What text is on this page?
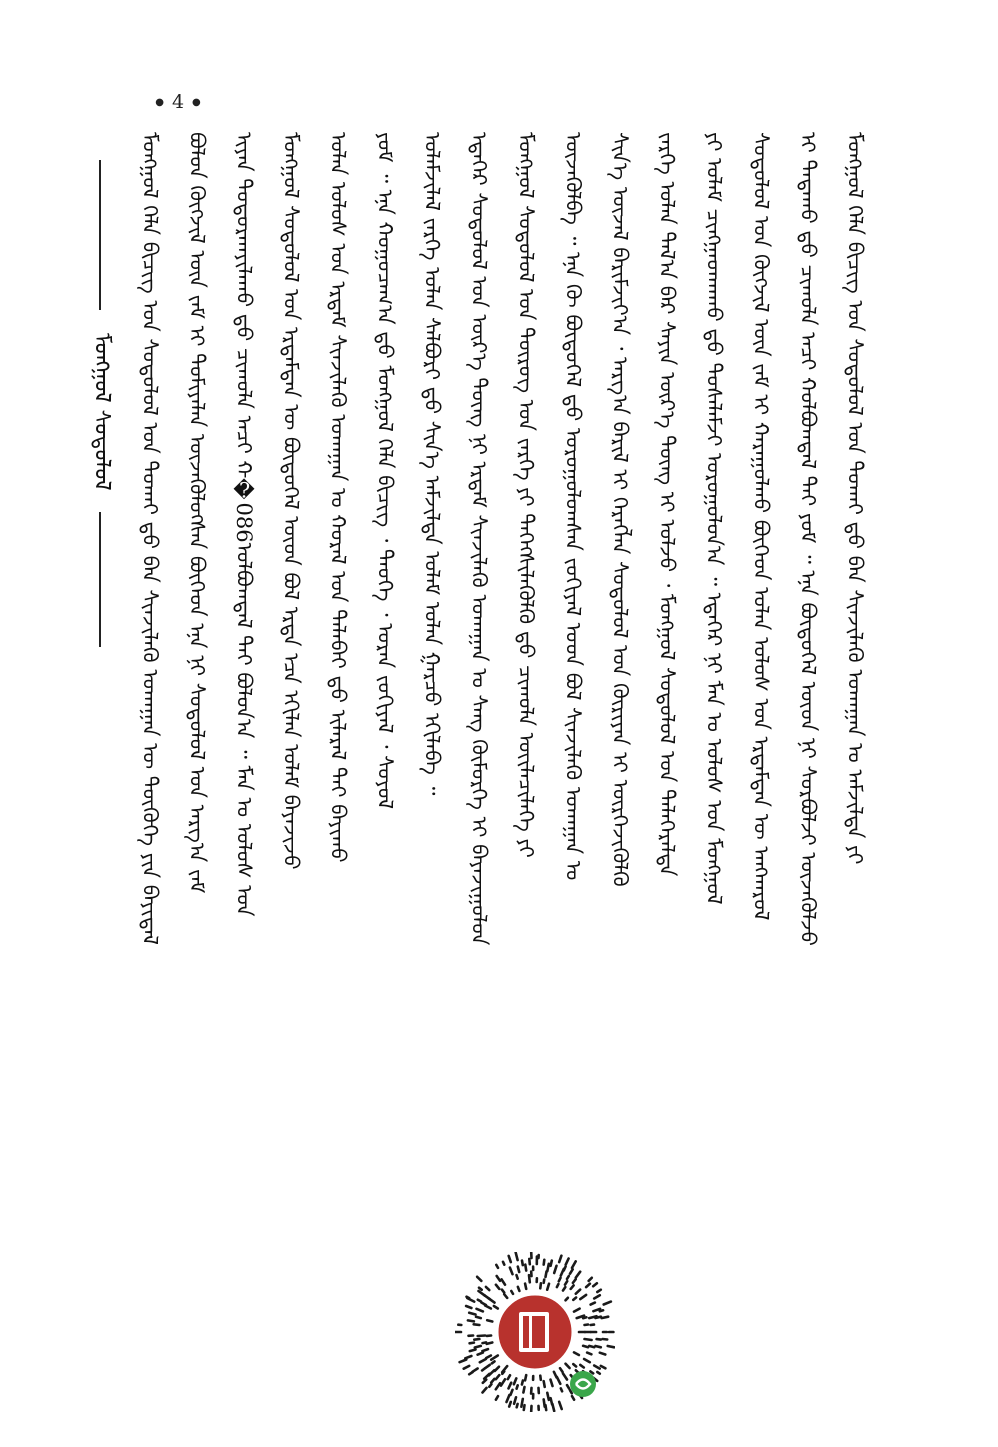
● 4 ●
ᠮᠣᠩᠭᠣᠯ ᠰᠤᠳᠤᠯᠤᠯ	ᠮᠣᠩᠭᠣᠯ ᠬᠡᠯᠡ ᠪᠢᠴᠢᠭ ᠤᠨ ᠰᠤᠳᠤᠯᠤᠯ ᠤᠨ ᠲᠤᠬᠠᠢ ᠳ᠋ᠤ ᠪᠠᠨ ᠰᠢᠨᠵᠢᠯᠡᠬᠦ ᠤᠬᠠᠭᠠᠨ ᠦ ᠲᠦᠭᠦᠬᠡ ᠶᠢᠨ ᠪᠠᠶᠢᠳᠠᠯ	ᠪᠣᠯᠤᠨ ᠬᠥᠭᠵᠢᠯ ᠦᠨ ᠵᠠᠮ ᠢ ᠲᠣᠮᠢᠶᠠᠯᠠᠨ ᠦᠵᠡᠭᠦᠯᠦᠭᠰᠡᠨ ᠪᠥᠭᠡᠳ ᠡᠨᠡ ᠨᠢ ᠰᠤᠳᠤᠯᠤᠯ ᠤᠨ ᠠᠷᠭ᠎ᠠ ᠵᠠᠮ	ᠢᠶᠠᠨ ᠲᠣᠳᠤᠷᠬᠠᠶᠢᠯᠠᠬᠤ ᠳ᠋ᠤ ᠴᠢᠬᠤᠯᠠ ᠠᠴᠢ ᠬ�086ᠣᠯᠪᠣᠭᠳᠠᠯ ᠲᠠᠶ ᠪᠣᠯᠤᠨ᠎ᠠ ᠃ ᠮᠠᠨ ᠤ ᠤᠯᠤᠰ ᠤᠨ	ᠮᠣᠩᠭᠣᠯ ᠰᠤᠳᠤᠯᠤᠯ ᠤᠨ ᠡᠷᠳᠡᠮᠲᠡᠨ ᠦ ᠪᠦᠲᠦᠭᠡᠯ ᠦᠳ ᠪᠣᠯ ᠡᠷᠲᠡ ᠡᠴᠡ ᠡᠬᠢᠯᠡᠨ ᠤᠯᠠᠮ ᠪᠠᠶᠠᠵᠢᠵᠤ	ᠣᠯᠠᠨ ᠤᠯᠤᠰ ᠤᠨ ᠡᠷᠳᠡᠮ ᠰᠢᠨᠵᠢᠯᠡᠬᠦ ᠤᠬᠠᠭᠠᠨ ᠤ ᠬᠤᠷᠠᠯ ᠤᠨ ᠲᠠᠯᠠᠪᠠᠶ ᠳ᠋ᠤ ᠢᠯᠡᠷᠡᠯ ᠲᠠᠶ ᠪᠠᠶᠢᠬᠤ	ᠶᠤᠮ ᠃ ᠡᠨᠡ ᠬᠤᠭᠤᠴᠠᠭ᠎ᠠ ᠳ᠋ᠤ ᠮᠣᠩᠭᠣᠯ ᠬᠡᠯᠡ ᠪᠢᠴᠢᠭ ᠂ ᠲᠡᠦᠬᠡ ᠂ ᠤᠷᠠᠨ ᠵᠣᠬᠢᠶᠠᠯ ᠂ ᠰᠣᠶᠣᠯ	ᠤᠯᠠᠮᠵᠢᠯᠠᠯ ᠵᠡᠷᠭᠡ ᠣᠯᠠᠨ ᠰᠠᠯᠪᠤᠷᠢ ᠳ᠋ᠤ ᠰᠢᠨ᠎ᠡ ᠠᠮᠵᠢᠯᠲᠠ ᠤᠯᠠᠮ ᠣᠯᠠᠨ ᠭᠠᠷᠴᠤ ᠡᠬᠢᠯᠡᠪᠡ ᠃	ᠡᠳᠡᠭᠡᠷ ᠰᠤᠳᠤᠯᠤᠯ ᠤᠨ ᠦᠷ᠎ᠡ ᠳᠦᠩ ᠨᠢ ᠡᠷᠳᠡᠮ ᠰᠢᠨᠵᠢᠯᠡᠬᠦ ᠤᠬᠠᠭᠠᠨ ᠤ ᠰᠠᠩ ᠬᠥᠮᠥᠷᠭᠡ ᠢ ᠪᠠᠶᠠᠵᠢᠭᠤᠯᠤᠨ	ᠮᠣᠩᠭᠣᠯ ᠰᠤᠳᠤᠯᠤᠯ ᠤᠨ ᠲᠦᠷᠦᠭ ᠤᠨ ᠵᠡᠷᠭᠡ ᠶᠢ ᠳᠡᠭᠡᠭᠰᠢᠯᠡᠭᠦᠯᠬᠦ ᠳ᠋ᠤ ᠴᠢᠬᠤᠯᠠ ᠦᠢᠯᠡᠴᠢᠯᠡᠭᠡ ᠶᠢ	ᠦᠵᠡᠭᠦᠯᠪᠡ ᠃ ᠡᠨᠡ ᠬᠦ ᠪᠦᠲᠦᠭᠡᠯ ᠳ᠋ᠦ ᠣᠷᠣᠭᠤᠯᠤᠭᠰᠠᠨ ᠵᠣᠬᠢᠶᠠᠯ ᠤᠳ ᠪᠣᠯ ᠰᠢᠨᠵᠢᠯᠡᠬᠦ ᠤᠬᠠᠭᠠᠨ ᠤ	ᠰᠢᠨ᠎ᠡ ᠦᠵᠡᠯ ᠪᠠᠷᠢᠮᠵᠢᠶ᠎ᠠ ᠂ ᠠᠷᠭ᠎ᠠ ᠪᠠᠷᠢᠯ ᠢ ᠬᠡᠷᠡᠭᠯᠡᠨ ᠰᠤᠳᠤᠯᠤᠯ ᠤᠨ ᠬᠦᠷᠢᠶᠡᠨ ᠢ ᠦᠷᠭᠡᠵᠢᠭᠦᠯᠬᠦ	ᠵᠡᠷᠭᠡ ᠣᠯᠠᠨ ᠲᠠᠯ᠎ᠠ ᠪᠠᠷ ᠰᠠᠶᠢᠨ ᠦᠷ᠎ᠡ ᠳᠦᠩ ᠢ ᠣᠯᠵᠤ ᠂ ᠮᠣᠩᠭᠣᠯ ᠰᠤᠳᠤᠯᠤᠯ ᠤᠨ ᠳᠡᠯᠡᠭᠡᠷᠡᠯᠲᠡ	ᠶᠢ ᠤᠯᠠᠮ ᠴᠢᠩᠭᠠᠳᠬᠠᠬᠤ ᠳ᠋ᠤ ᠲᠤᠰᠠᠯᠠᠮᠵᠢ ᠣᠷᠤᠭᠤᠯᠤᠨ᠎ᠠ ᠃ ᠡᠳᠡᠭᠡᠷ ᠨᠢ ᠮᠠᠨ ᠤ ᠤᠯᠤᠰ ᠤᠨ ᠮᠣᠩᠭᠣᠯ	ᠰᠤᠳᠤᠯᠤᠯ ᠤᠨ ᠬᠥᠭᠵᠢᠯ ᠦᠨ ᠵᠠᠮ ᠢ ᠬᠠᠷᠠᠭᠤᠯᠬᠤ ᠪᠥᠭᠡᠳ ᠣᠯᠠᠨ ᠤᠯᠤᠰ ᠤᠨ ᠡᠷᠳᠡᠮᠲᠡᠨ ᠦ ᠠᠩᠬᠠᠷᠤᠯ	ᠢ ᠲᠠᠲᠠᠬᠤ ᠳ᠋ᠤ ᠴᠢᠬᠤᠯᠠ ᠠᠴᠢ ᠬᠣᠯᠪᠣᠭᠳᠠᠯ ᠲᠠᠶ ᠶᠤᠮ ᠃ ᠡᠨᠡ ᠪᠦᠲᠦᠭᠡᠯ ᠦᠳ ᠨᠢ ᠰᠤᠷᠪᠤᠯᠵᠢ ᠦᠵᠡᠭᠦᠯᠵᠦ	ᠮᠣᠩᠭᠣᠯ ᠬᠡᠯᠡ ᠪᠢᠴᠢᠭ ᠤᠨ ᠰᠤᠳᠤᠯᠤᠯ ᠤᠨ ᠲᠤᠬᠠᠢ ᠳ᠋ᠤ ᠪᠠᠨ ᠰᠢᠨᠵᠢᠯᠡᠬᠦ ᠤᠬᠠᠭᠠᠨ ᠤ ᠠᠮᠵᠢᠯᠲᠠ ᠶᠢ
